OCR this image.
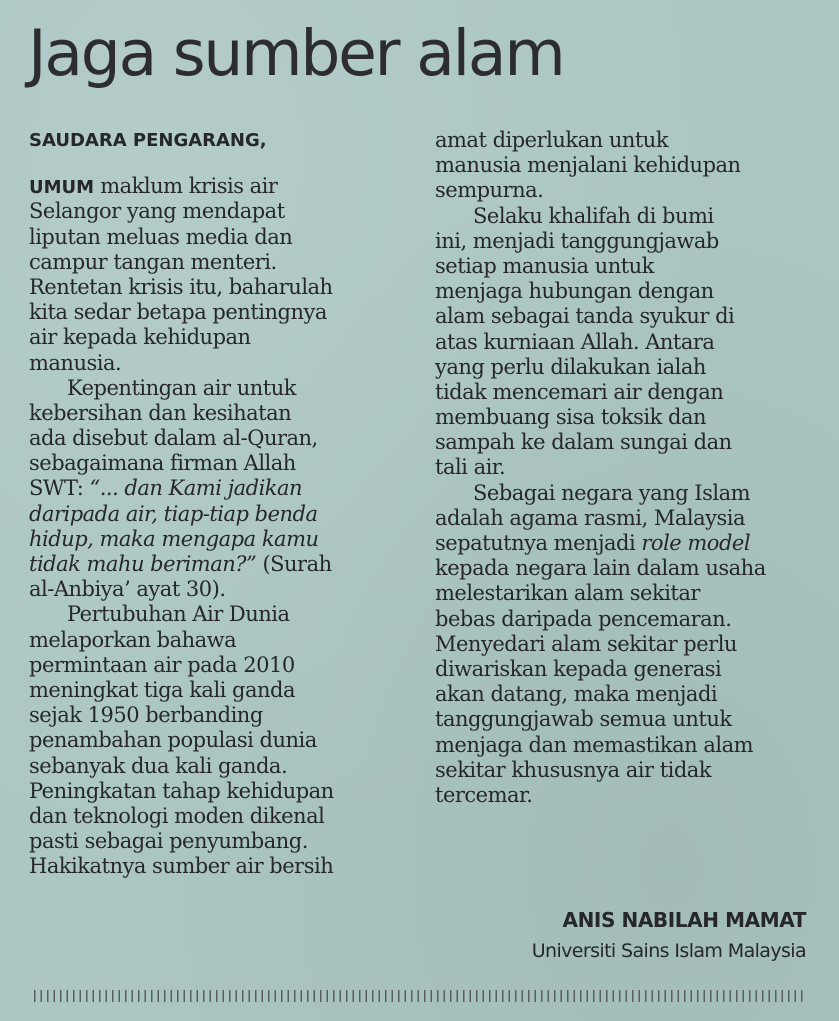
Jaga sumber alam
SAUDARA PENGARANG,
UMUM maklum krisis air
Selangor yang mendapat
liputan meluas media dan
campur tangan menteri.
Rentetan krisis itu, baharulah
kita sedar betapa pentingnya
air kepada kehidupan
manusia.
Kepentingan air untuk
kebersihan dan kesihatan
ada disebut dalam al-Quran,
sebagaimana firman Allah
SWT: “... dan Kami jadikan
daripada air, tiap-tiap benda
hidup, maka mengapa kamu
tidak mahu beriman?” (Surah
al-Anbiya’ ayat 30).
Pertubuhan Air Dunia
melaporkan bahawa
permintaan air pada 2010
meningkat tiga kali ganda
sejak 1950 berbanding
penambahan populasi dunia
sebanyak dua kali ganda.
Peningkatan tahap kehidupan
dan teknologi moden dikenal
pasti sebagai penyumbang.
Hakikatnya sumber air bersih
amat diperlukan untuk
manusia menjalani kehidupan
sempurna.
Selaku khalifah di bumi
ini, menjadi tanggungjawab
setiap manusia untuk
menjaga hubungan dengan
alam sebagai tanda syukur di
atas kurniaan Allah. Antara
yang perlu dilakukan ialah
tidak mencemari air dengan
membuang sisa toksik dan
sampah ke dalam sungai dan
tali air.
Sebagai negara yang Islam
adalah agama rasmi, Malaysia
sepatutnya menjadi role model
kepada negara lain dalam usaha
melestarikan alam sekitar
bebas daripada pencemaran.
Menyedari alam sekitar perlu
diwariskan kepada generasi
akan datang, maka menjadi
tanggungjawab semua untuk
menjaga dan memastikan alam
sekitar khususnya air tidak
tercemar.
ANIS NABILAH MAMAT
Universiti Sains Islam Malaysia
